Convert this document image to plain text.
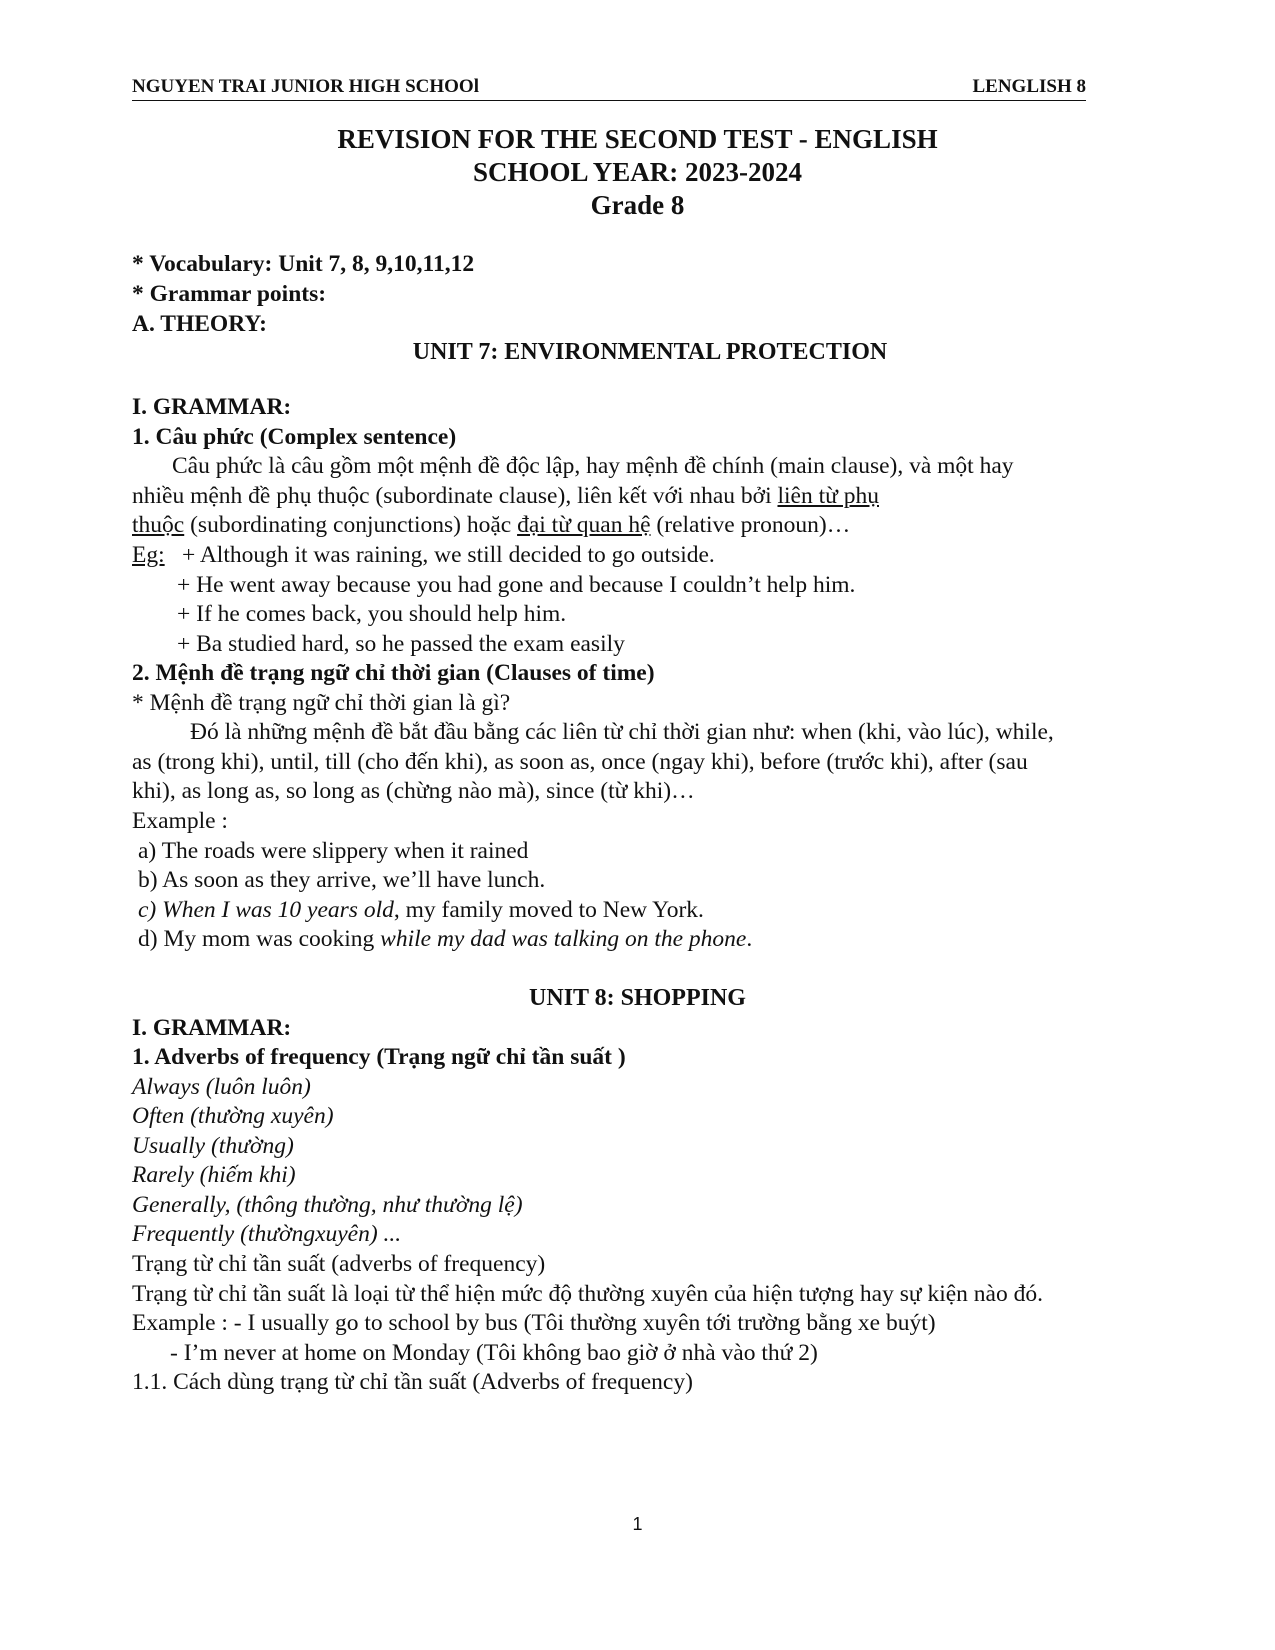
NGUYEN TRAI JUNIOR HIGH SCHOOl	LENGLISH 8
REVISION FOR THE SECOND TEST - ENGLISH
SCHOOL YEAR: 2023-2024
Grade 8
* Vocabulary: Unit 7, 8, 9,10,11,12
* Grammar points:
A. THEORY:
UNIT 7: ENVIRONMENTAL PROTECTION
I. GRAMMAR:
1. Câu phức (Complex sentence)
Câu phức là câu gồm một mệnh đề độc lập, hay mệnh đề chính (main clause), và một hay
nhiều mệnh đề phụ thuộc (subordinate clause), liên kết với nhau bởi liên từ phụ
thuộc (subordinating conjunctions) hoặc đại từ quan hệ (relative pronoun)…
Eg: + Although it was raining, we still decided to go outside.
+ He went away because you had gone and because I couldn’t help him.
+ If he comes back, you should help him.
+ Ba studied hard, so he passed the exam easily
2. Mệnh đề trạng ngữ chỉ thời gian (Clauses of time)
* Mệnh đề trạng ngữ chỉ thời gian là gì?
Đó là những mệnh đề bắt đầu bằng các liên từ chỉ thời gian như: when (khi, vào lúc), while,
as (trong khi), until, till (cho đến khi), as soon as, once (ngay khi), before (trước khi), after (sau
khi), as long as, so long as (chừng nào mà), since (từ khi)…
Example :
a) The roads were slippery when it rained
b) As soon as they arrive, we’ll have lunch.
c) When I was 10 years old, my family moved to New York.
d) My mom was cooking while my dad was talking on the phone.
UNIT 8: SHOPPING
I. GRAMMAR:
1. Adverbs of frequency (Trạng ngữ chỉ tần suất )
Always (luôn luôn)
Often (thường xuyên)
Usually (thường)
Rarely (hiếm khi)
Generally, (thông thường, như thường lệ)
Frequently (thườngxuyên) ...
Trạng từ chỉ tần suất (adverbs of frequency)
Trạng từ chỉ tần suất là loại từ thể hiện mức độ thường xuyên của hiện tượng hay sự kiện nào đó.
Example : - I usually go to school by bus (Tôi thường xuyên tới trường bằng xe buýt)
- I’m never at home on Monday (Tôi không bao giờ ở nhà vào thứ 2)
1.1. Cách dùng trạng từ chỉ tần suất (Adverbs of frequency)
1
